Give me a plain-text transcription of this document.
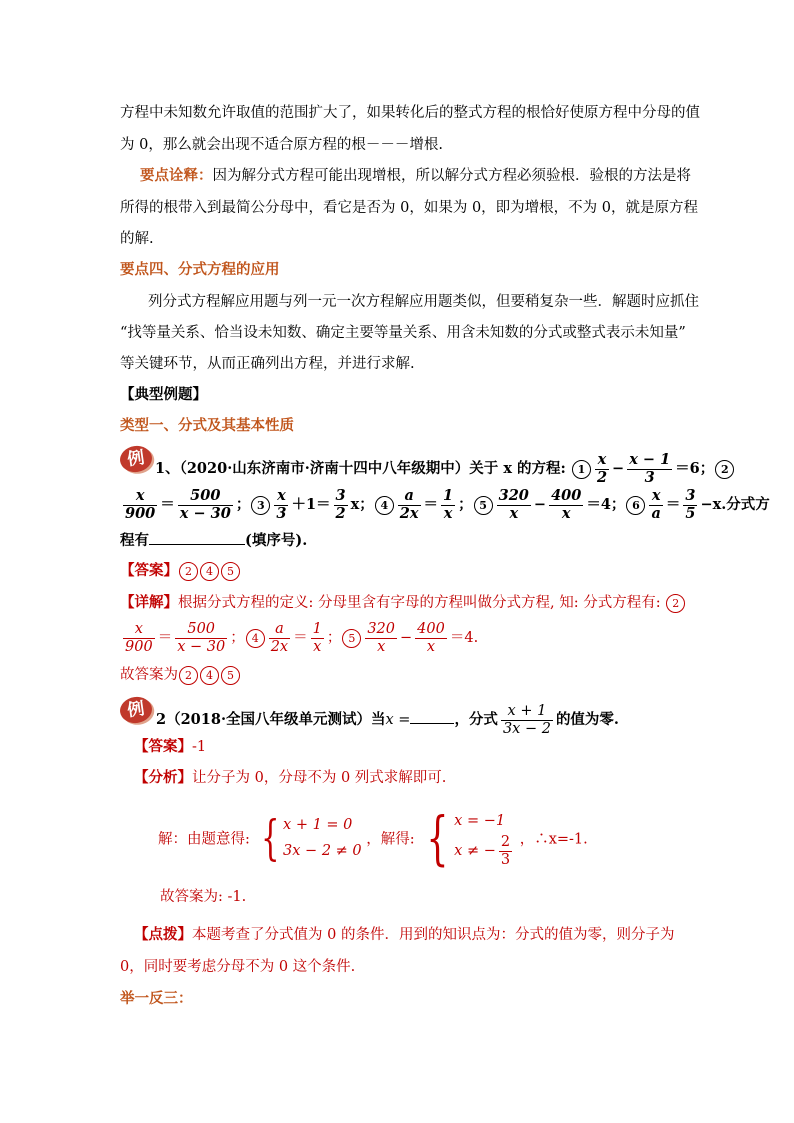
方程中未知数允许取值的范围扩大了，如果转化后的整式方程的根恰好使原方程中分母的值
为 0，那么就会出现不适合原方程的根－－－增根.
要点诠释：因为解分式方程可能出现增根，所以解分式方程必须验根．验根的方法是将
所得的根带入到最简公分母中，看它是否为 0，如果为 0，即为增根，不为 0，就是原方程
的解.
要点四、分式方程的应用
列分式方程解应用题与列一元一次方程解应用题类似，但要稍复杂一些．解题时应抓住
“找等量关系、恰当设未知数、确定主要等量关系、用含未知数的分式或整式表示未知量”
等关键环节，从而正确列出方程，并进行求解.
【典型例题】
类型一、分式及其基本性质
例 1、（2020·山东济南市·济南十四中八年级期中）关于 x 的方程: $1 \frac{x}{2} - \frac{x - 1}{3} =6$； 2
$\frac{x}{900} = \frac{500}{x - 30}$ ； $3 \frac{x}{3} +1= \frac{3}{2}$ x； $4 \frac{a}{2x} = \frac{1}{x}$ ； $5 \frac{320}{x} - \frac{400}{x} =4$； $6 \frac{x}{a} = \frac{3}{5} -x$.分式方
程有	(填序号).
【答案】 2 4 5
【详解】根据分式方程的定义: 分母里含有字母的方程叫做分式方程, 知: 分式方程有: 2
$\frac{x}{900} = \frac{500}{x - 30}$ ； $4 \frac{a}{2x} = \frac{1}{x}$ ； $5 \frac{320}{x} - \frac{400}{x} =4$.
故答案为 2 4 5
例 2（2018·全国八年级单元测试）当x =	，分式 $\frac{x + 1}{3x - 2}$ 的值为零.
【答案】-1
【分析】让分子为 0，分母不为 0 列式求解即可.
解：由题意得: { x + 1 = 0
3x − 2 ≠ 0
，解得: { x = −1
x ≠ − $\frac{2}{3}$ ，∴x=-1.
故答案为: -1.
【点拨】本题考查了分式值为 0 的条件．用到的知识点为：分式的值为零，则分子为
0，同时要考虑分母不为 0 这个条件.
举一反三：
